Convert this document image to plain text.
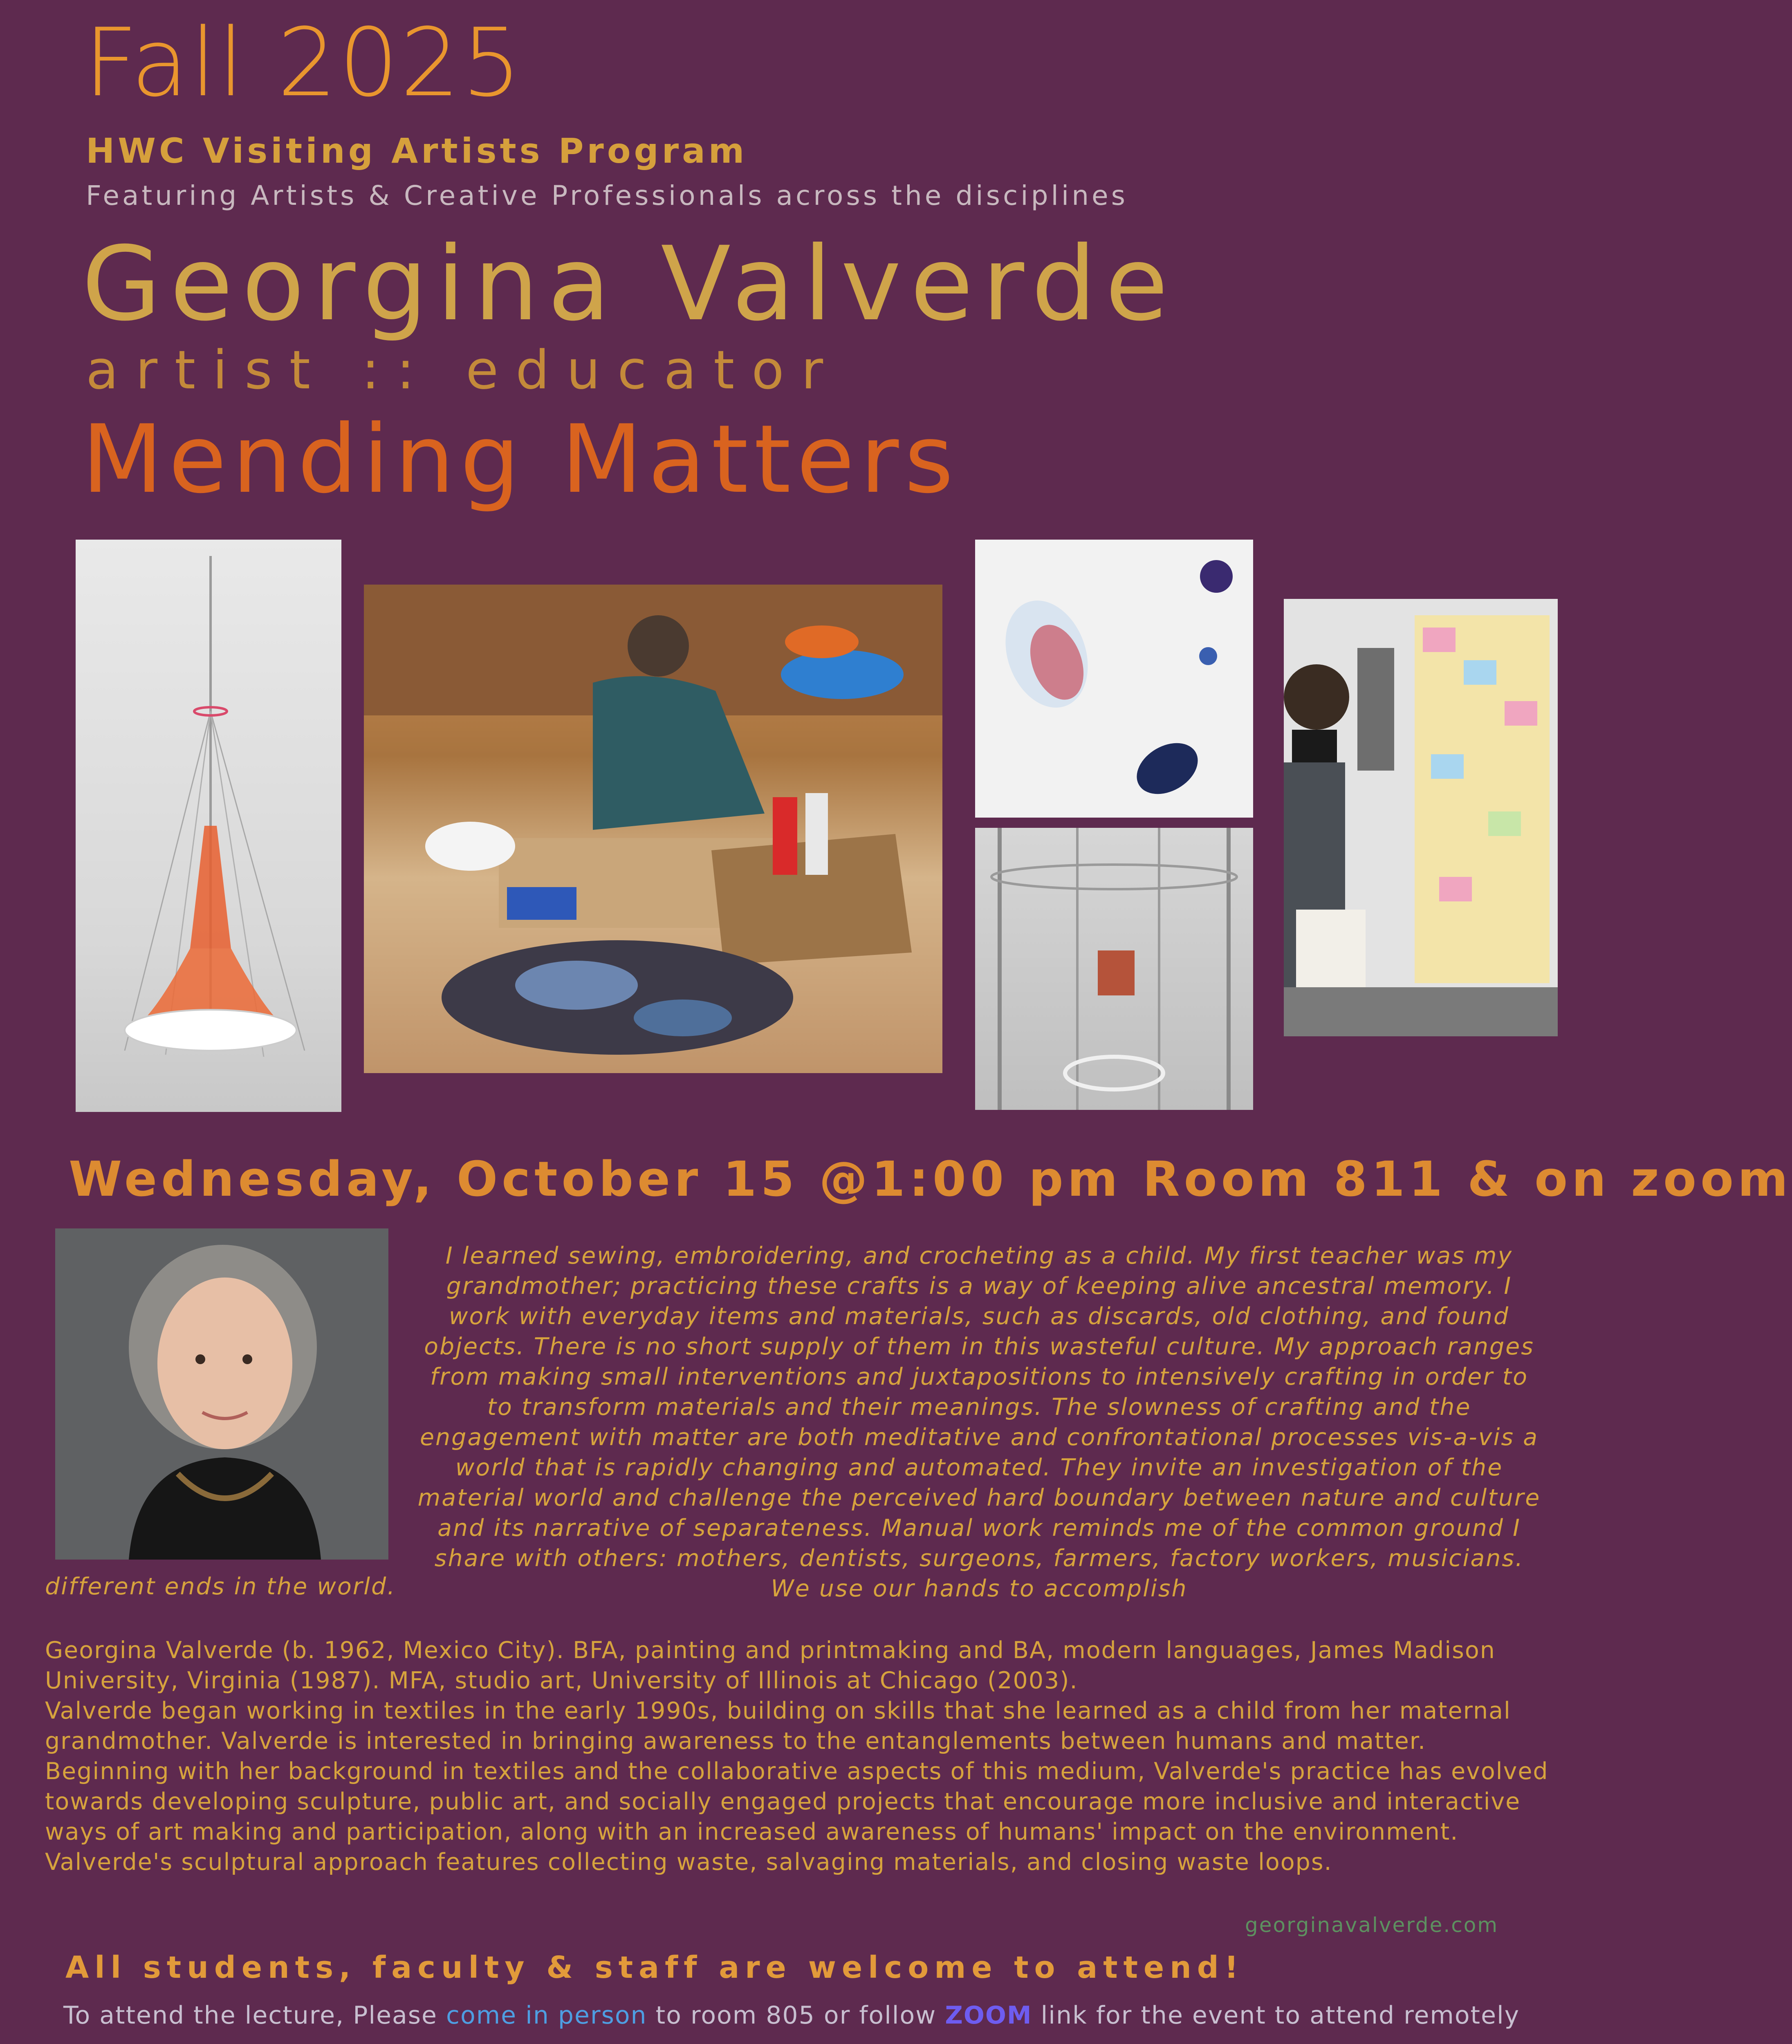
Fall 2025
HWC Visiting Artists Program
Featuring Artists & Creative Professionals across the disciplines
Georgina Valverde
artist :: educator
Mending Matters
Wednesday, October 15 @1:00 pm Room 811 & on zoom
I learned sewing, embroidering, and crocheting as a child. My first teacher was my grandmother; practicing these crafts is a way of keeping alive ancestral memory. I work with everyday items and materials, such as discards, old clothing, and found objects. There is no short supply of them in this wasteful culture. My approach ranges from making small interventions and juxtapositions to intensively crafting in order to to transform materials and their meanings. The slowness of crafting and the engagement with matter are both meditative and confrontational processes vis-a-vis a world that is rapidly changing and automated. They invite an investigation of the material world and challenge the perceived hard boundary between nature and culture and its narrative of separateness. Manual work reminds me of the common ground I share with others: mothers, dentists, surgeons, farmers, factory workers, musicians. We use our hands to accomplish
different ends in the world.
Georgina Valverde (b. 1962, Mexico City). BFA, painting and printmaking and BA, modern languages, James Madison University, Virginia (1987). MFA, studio art, University of Illinois at Chicago (2003).
Valverde began working in textiles in the early 1990s, building on skills that she learned as a child from her maternal grandmother. Valverde is interested in bringing awareness to the entanglements between humans and matter. Beginning with her background in textiles and the collaborative aspects of this medium, Valverde's practice has evolved towards developing sculpture, public art, and socially engaged projects that encourage more inclusive and interactive ways of art making and participation, along with an increased awareness of humans' impact on the environment. Valverde's sculptural approach features collecting waste, salvaging materials, and closing waste loops.
georginavalverde.com
All students, faculty & staff are welcome to attend!
To attend the lecture, Please come in person to room 805 or follow ZOOM link for the event to attend remotely
